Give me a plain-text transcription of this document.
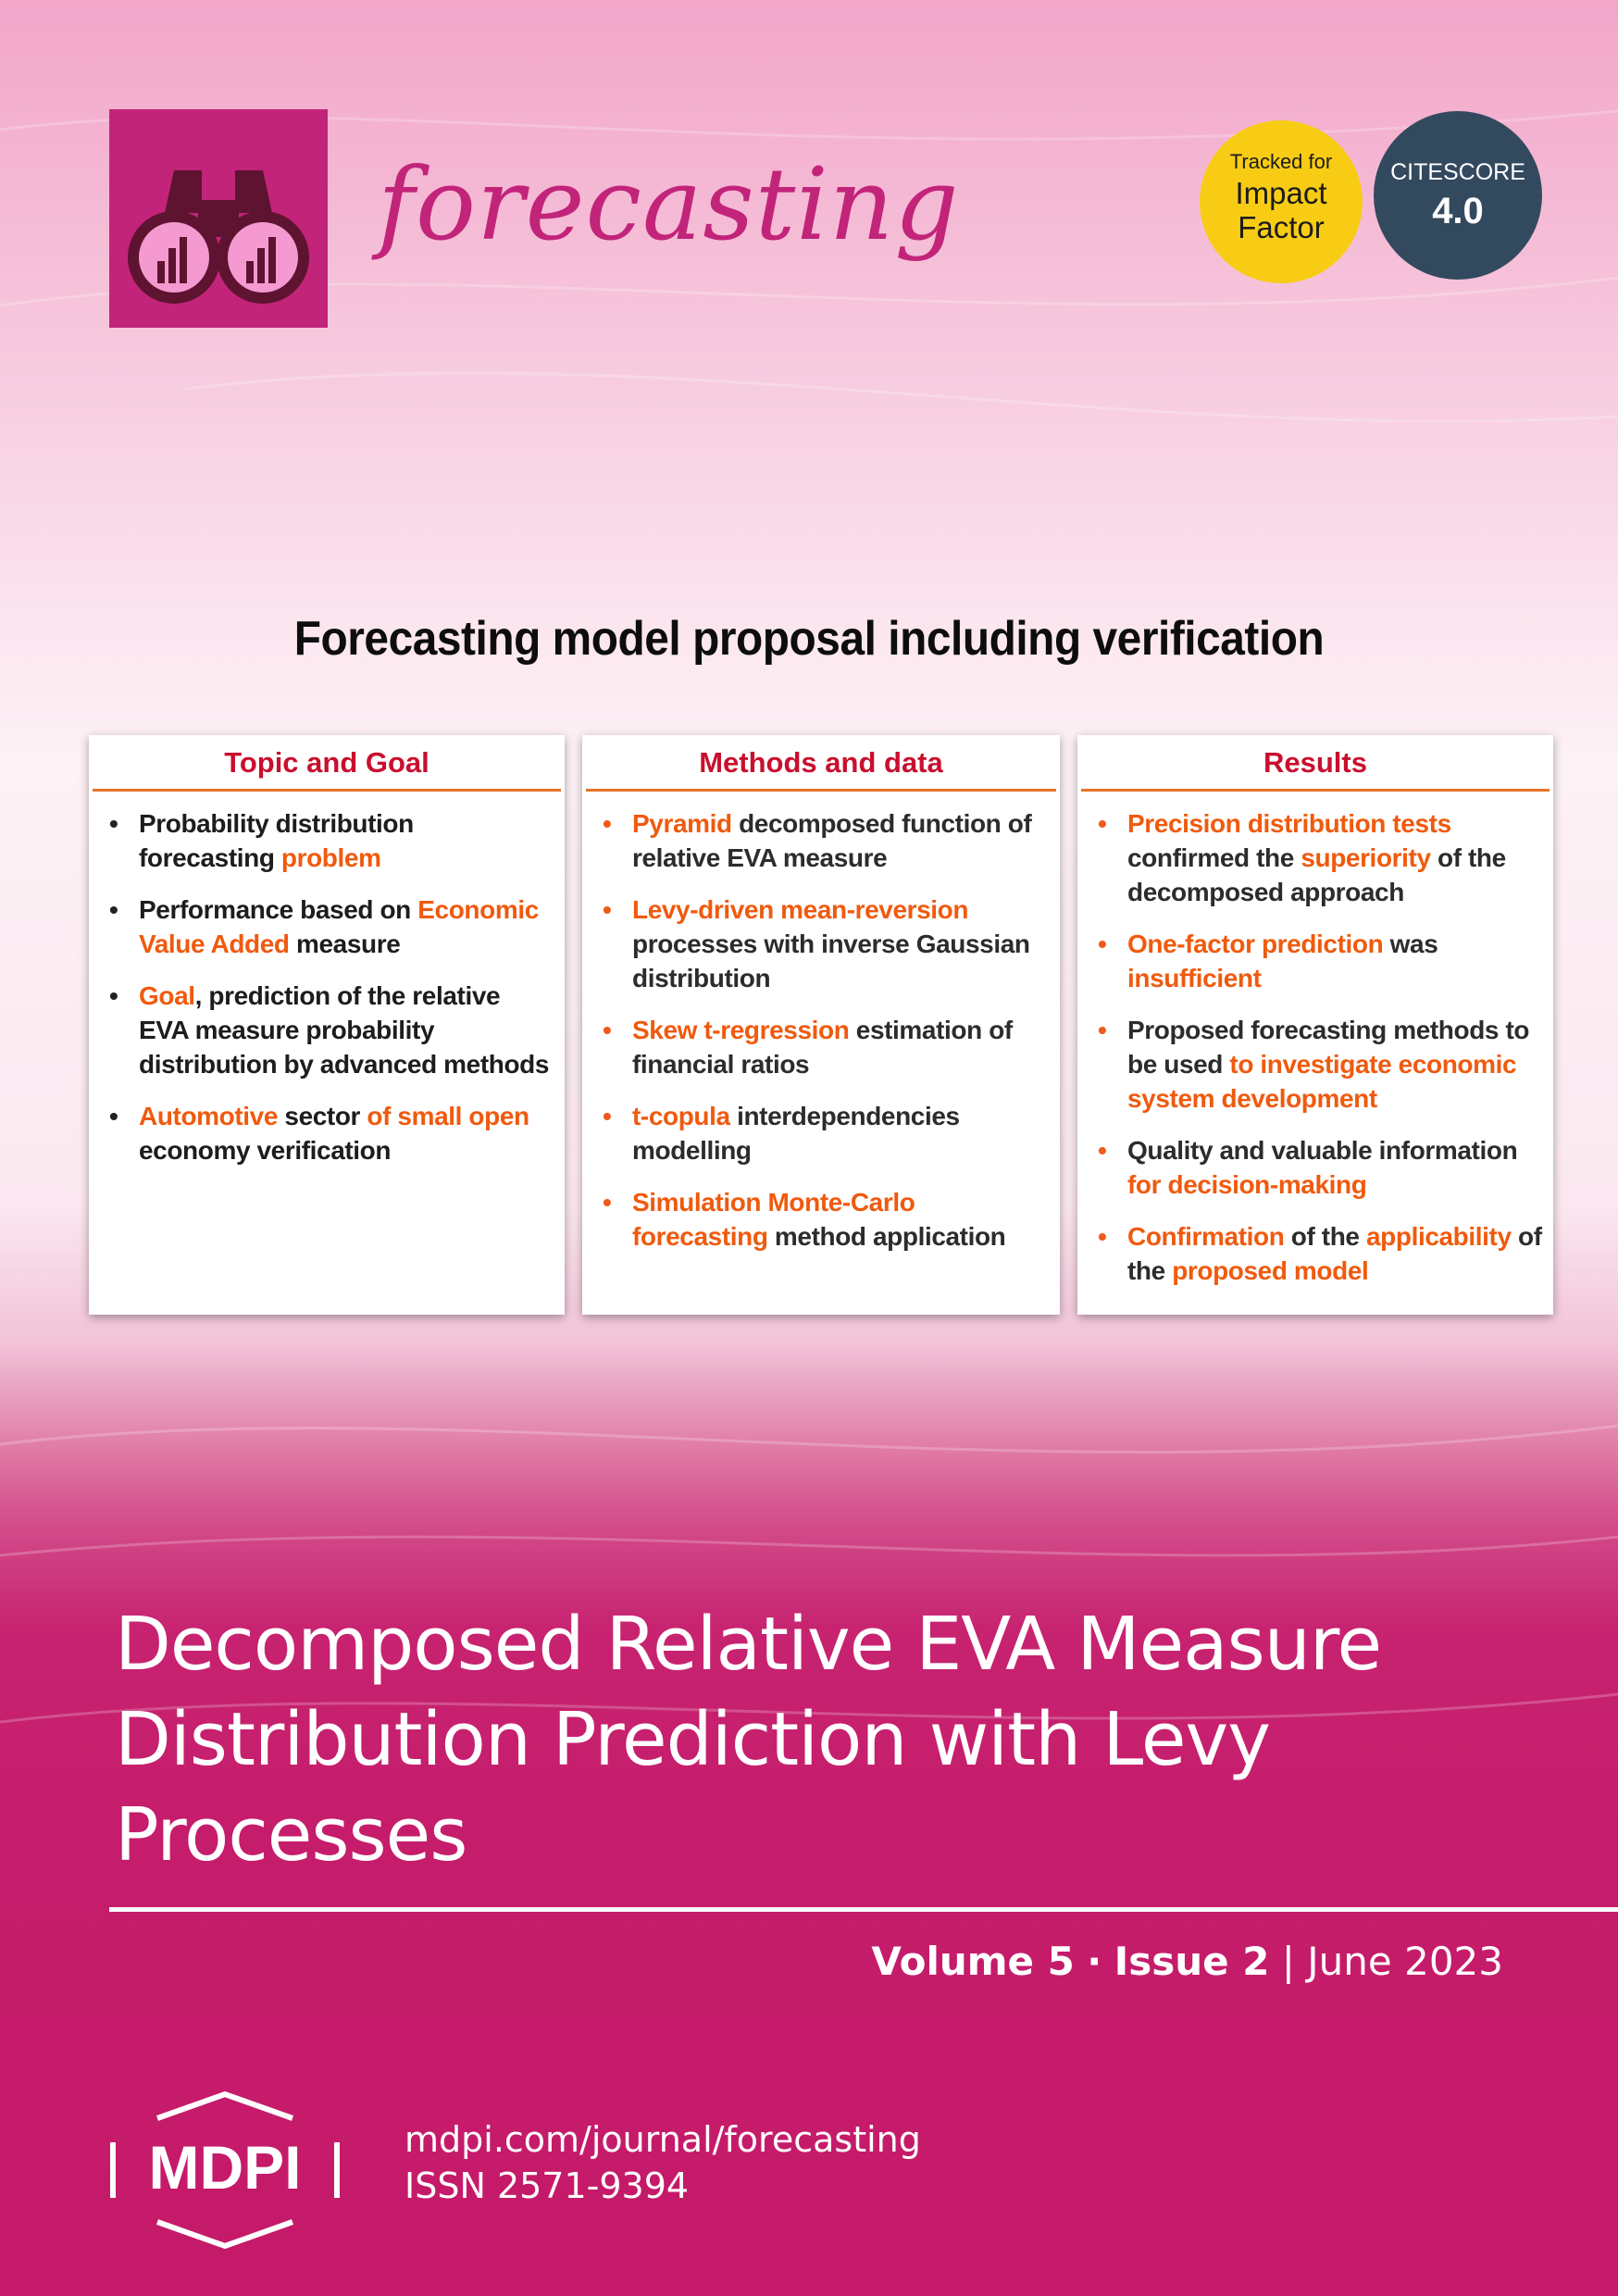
forecasting	Tracked for
Impact
Factor
CITESCORE
4.0
Forecasting model proposal including verification
Topic and Goal
• Probability distribution forecasting problem
• Performance based on Economic Value Added measure
• Goal, prediction of the relative EVA measure probability distribution by advanced methods
• Automotive sector of small open economy verification
Methods and data
• Pyramid decomposed function of relative EVA measure
• Levy-driven mean-reversion processes with inverse Gaussian distribution
• Skew t-regression estimation of financial ratios
• t-copula interdependencies modelling
• Simulation Monte-Carlo forecasting method application
Results
• Precision distribution tests confirmed the superiority of the decomposed approach
• One-factor prediction was insufficient
• Proposed forecasting methods to be used to investigate economic system development
• Quality and valuable information for decision-making
• Confirmation of the applicability of the proposed model
Decomposed Relative EVA Measure
Distribution Prediction with Levy
Processes
Volume 5 · Issue 2 | June 2023
MDPI	mdpi.com/journal/forecasting
ISSN 2571-9394
